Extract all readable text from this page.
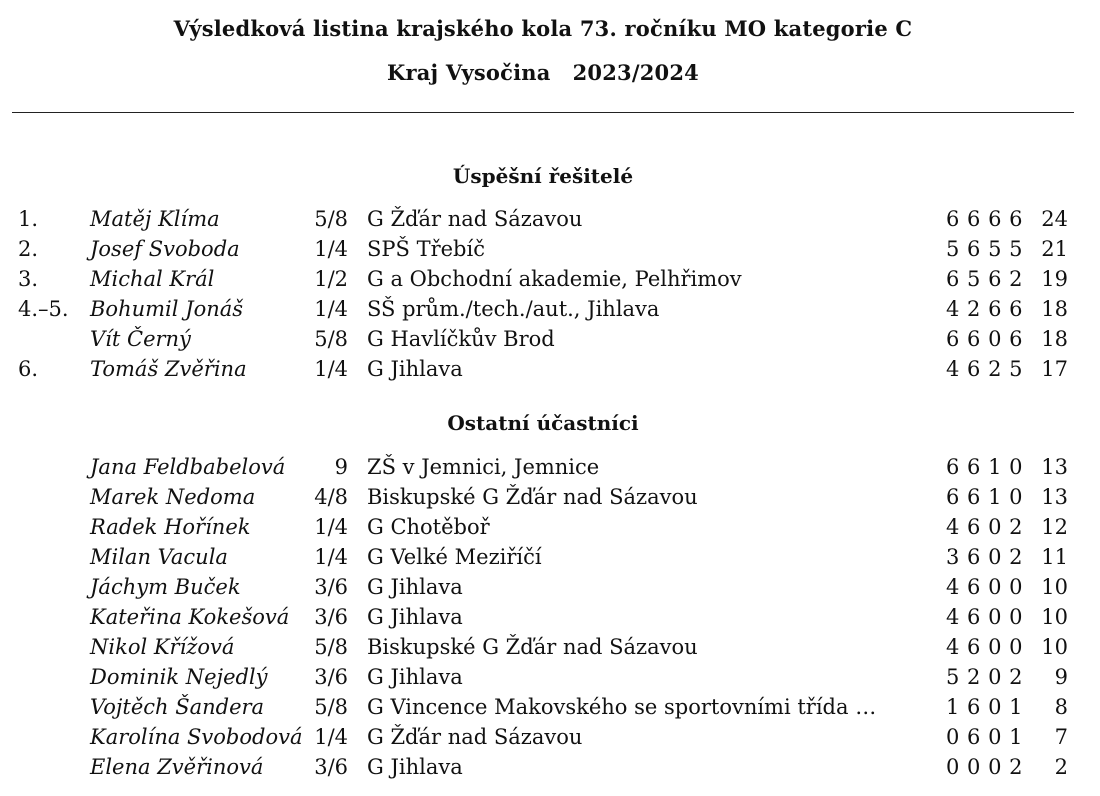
Výsledková listina krajského kola 73. ročníku MO kategorie C
Kraj Vysočina 2023/2024
Úspěšní řešitelé
1. Matěj Klíma	5/8 G Žďár nad Sázavou	6 6 6 6 24
2. Josef Svoboda	1/4 SPŠ Třebíč	5 6 5 5 21
3. Michal Král	1/2 G a Obchodní akademie, Pelhřimov	6 5 6 2 19
4.–5. Bohumil Jonáš	1/4 SŠ prům./tech./aut., Jihlava	4 2 6 6 18
Vít Černý	5/8 G Havlíčkův Brod	6 6 0 6 18
6. Tomáš Zvěřina	1/4 G Jihlava	4 6 2 5 17
Ostatní účastníci
Jana Feldbabelová 9 ZŠ v Jemnici, Jemnice	6 6 1 0 13
Marek Nedoma	4/8 Biskupské G Žďár nad Sázavou	6 6 1 0 13
Radek Hořínek	1/4 G Chotěboř	4 6 0 2 12
Milan Vacula	1/4 G Velké Meziříčí	3 6 0 2 11
Jáchym Buček	3/6 G Jihlava	4 6 0 0 10
Kateřina Kokešová 3/6 G Jihlava	4 6 0 0 10
Nikol Křížová	5/8 Biskupské G Žďár nad Sázavou	4 6 0 0 10
Dominik Nejedlý 3/6 G Jihlava	5 2 0 2 9
Vojtěch Šandera 5/8 G Vincence Makovského se sportovními třída …	1 6 0 1 8
Karolína Svobodová 1/4 G Žďár nad Sázavou	0 6 0 1 7
Elena Zvěřinová 3/6 G Jihlava	0 0 0 2 2
